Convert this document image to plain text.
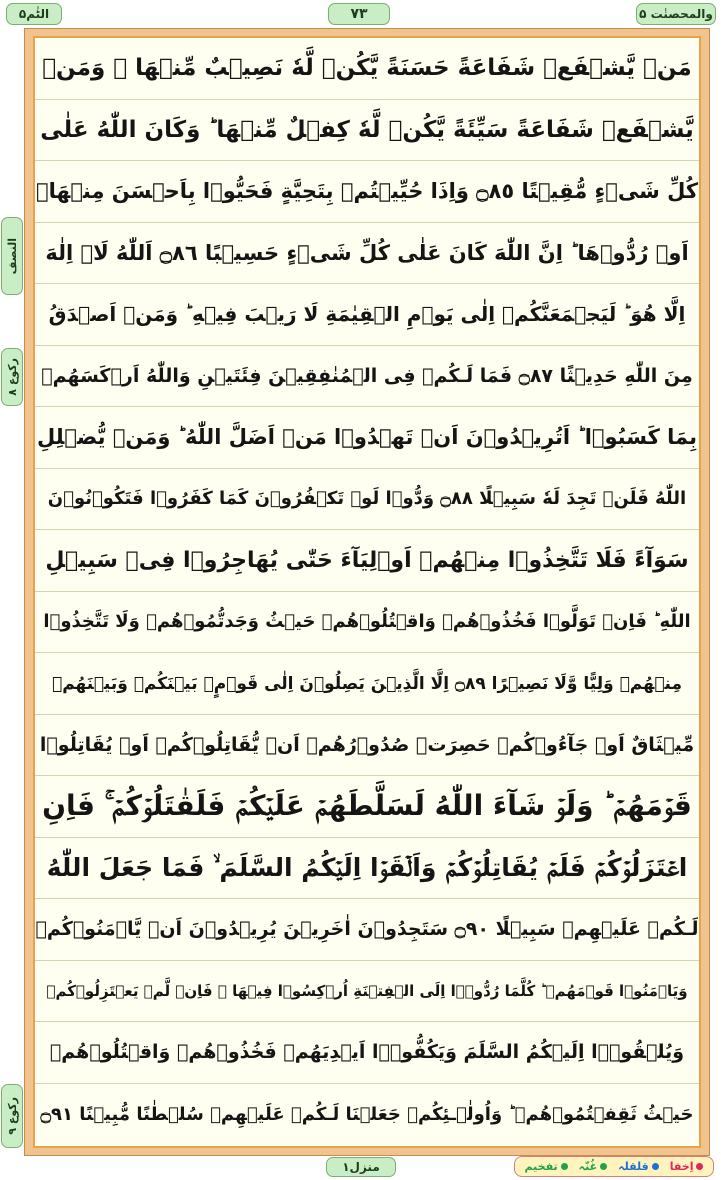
الٹٰم۵	٧٣	والمحصنٰت ۵
النصف
رکوع ۸
رکوع ۹
مَنۡ يَّشۡفَعۡ شَفَاعَةً حَسَنَةً يَّكُنۡ لَّهٗ نَصِيۡبٌ مِّنۡهَا​ ۚ وَمَنۡ
يَّشۡفَعۡ شَفَاعَةً سَيِّئَةً يَّكُنۡ لَّهٗ كِفۡلٌ مِّنۡهَا​ ؕ وَكَانَ اللّٰهُ عَلٰى
كُلِّ شَىۡءٍ مُّقِيۡتًا ۝٨٥ وَاِذَا حُيِّيۡتُمۡ بِتَحِيَّةٍ فَحَيُّوۡا بِاَحۡسَنَ مِنۡهَاۤ
اَوۡ رُدُّوۡهَا ​ؕ اِنَّ اللّٰهَ كَانَ عَلٰى كُلِّ شَىۡءٍ حَسِيۡبًا ۝٨٦ اَللّٰهُ لَاۤ اِلٰهَ
اِلَّا هُوَ​ ؕ لَيَجۡمَعَنَّكُمۡ اِلٰى يَوۡمِ الۡقِيٰمَةِ لَا رَيۡبَ فِيۡهِ​ ؕ وَمَنۡ اَصۡدَقُ
مِنَ اللّٰهِ حَدِيۡثًا ۝٨٧ فَمَا لَـكُمۡ فِى الۡمُنٰفِقِيۡنَ فِئَتَيۡنِ وَاللّٰهُ اَرۡكَسَهُمۡ
بِمَا كَسَبُوۡا​ ؕ اَتُرِيۡدُوۡنَ اَنۡ تَهۡدُوۡا مَنۡ اَضَلَّ اللّٰهُ​ ؕ وَمَنۡ يُّضۡلِلِ
اللّٰهُ فَلَنۡ تَجِدَ لَهٗ سَبِيۡلًا ۝٨٨ وَدُّوۡا لَوۡ تَكۡفُرُوۡنَ كَمَا كَفَرُوۡا فَتَكُوۡنُوۡنَ
سَوَآءً​ فَلَا تَتَّخِذُوۡا مِنۡهُمۡ اَوۡلِيَآءَ حَتّٰى يُهَاجِرُوۡا فِىۡ سَبِيۡلِ
اللّٰهِ​ ؕ فَاِنۡ تَوَلَّوۡا فَخُذُوۡهُمۡ وَاقۡتُلُوۡهُمۡ حَيۡثُ وَجَدتُّمُوۡهُمۡ​ وَلَا تَتَّخِذُوۡا
مِنۡهُمۡ وَلِيًّا وَّلَا نَصِيۡرًا ۝٨٩ اِلَّا الَّذِيۡنَ يَصِلُوۡنَ اِلٰى قَوۡمٍۢ بَيۡنَكُمۡ وَبَيۡنَهُمۡ
مِّيۡثَاقٌ اَوۡ جَآءُوۡكُمۡ حَصِرَتۡ صُدُوۡرُهُمۡ اَنۡ يُّقَاتِلُوۡكُمۡ اَوۡ يُقَاتِلُوۡا
قَوۡمَهُمۡ​ ؕ وَلَوۡ شَآءَ اللّٰهُ لَسَلَّطَهُمۡ عَلَيۡكُمۡ فَلَقٰتَلُوۡكُمۡ​ ۚ فَاِنِ
اعۡتَزَلُوۡكُمۡ فَلَمۡ يُقَاتِلُوۡكُمۡ وَاَلۡقَوۡا اِلَيۡكُمُ السَّلَمَ ۙ فَمَا جَعَلَ اللّٰهُ
لَـكُمۡ عَلَيۡهِمۡ سَبِيۡلًا ۝٩٠ سَتَجِدُوۡنَ اٰخَرِيۡنَ يُرِيۡدُوۡنَ اَنۡ يَّاۡمَنُوۡكُمۡ
وَيَاۡمَنُوۡا قَوۡمَهُمۡ ؕ كُلَّمَا رُدُّوۡۤا اِلَى الۡفِتۡنَةِ اُرۡكِسُوۡا فِيۡهَا​ ۚ فَاِنۡ لَّمۡ يَعۡتَزِلُوۡكُمۡ
وَيُلۡقُوۡۤا اِلَيۡكُمُ السَّلَمَ وَيَكُفُّوۡۤا اَيۡدِيَهُمۡ فَخُذُوۡهُمۡ وَاقۡتُلُوۡهُمۡ
حَيۡثُ ثَقِفۡتُمُوۡهُمۡ​ ؕ وَاُولٰۤـئِكُمۡ جَعَلۡنَا لَـكُمۡ عَلَيۡهِمۡ سُلۡطٰنًا مُّبِيۡنًا ۝٩١
منزل١	اِخفا
قلقلہ
غُنّہ
تفخیم
